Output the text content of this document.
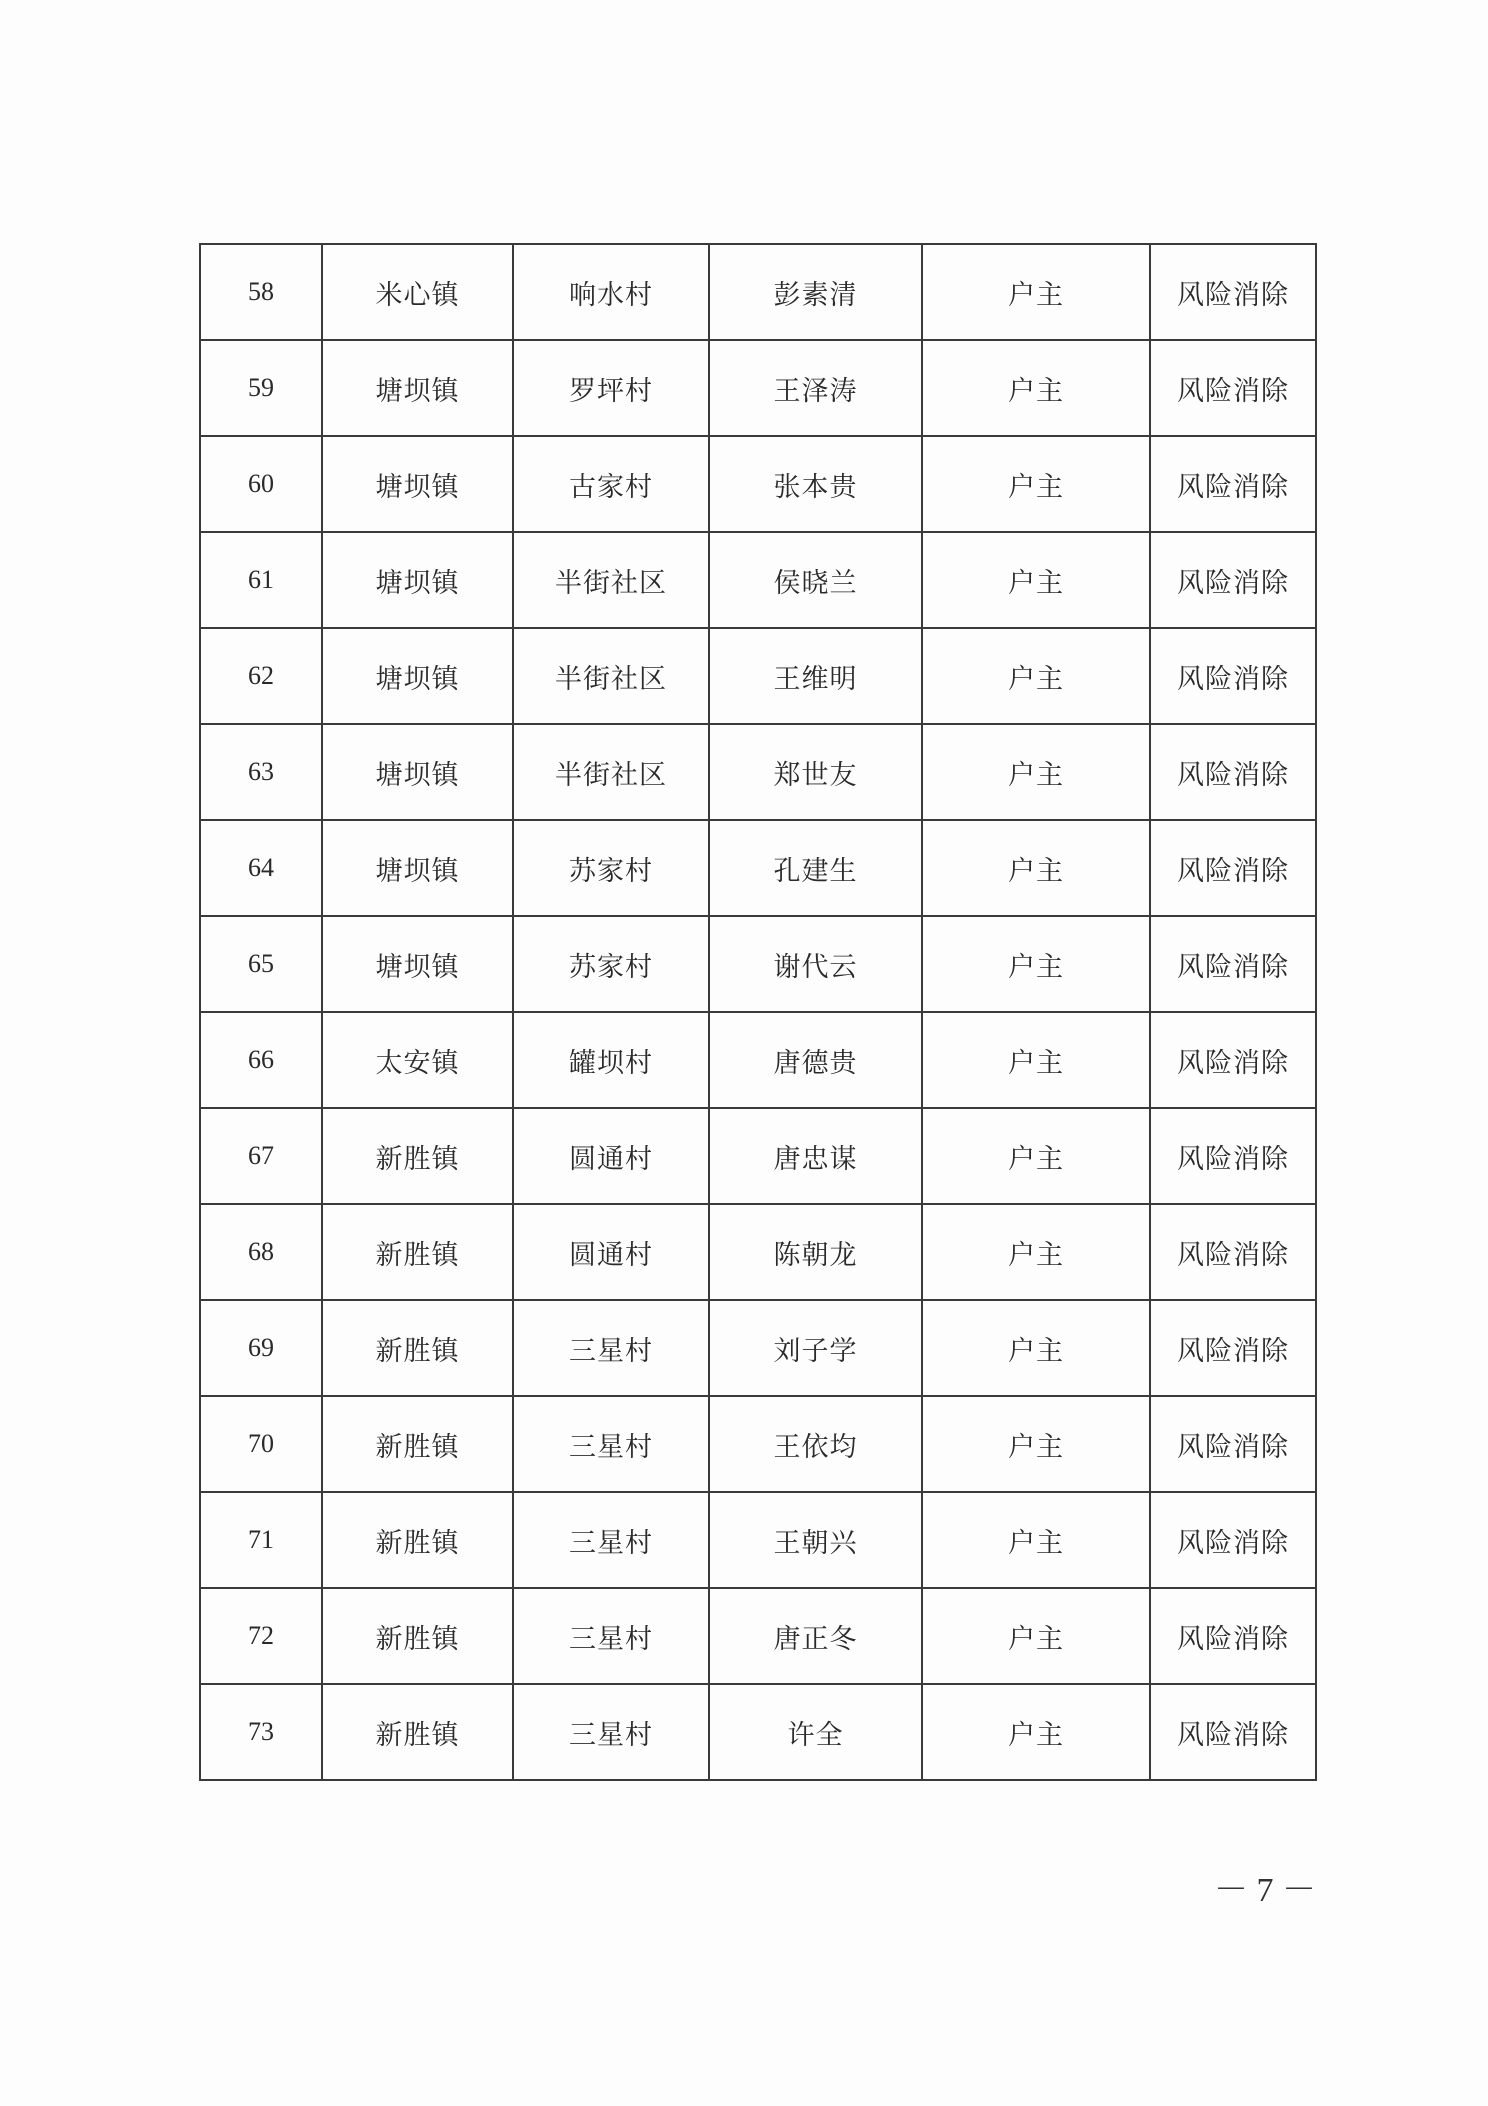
58	米心镇	响水村	彭素清	户主	风险消除
59	塘坝镇	罗坪村	王泽涛	户主	风险消除
60	塘坝镇	古家村	张本贵	户主	风险消除
61	塘坝镇	半街社区	侯晓兰	户主	风险消除
62	塘坝镇	半街社区	王维明	户主	风险消除
63	塘坝镇	半街社区	郑世友	户主	风险消除
64	塘坝镇	苏家村	孔建生	户主	风险消除
65	塘坝镇	苏家村	谢代云	户主	风险消除
66	太安镇	罐坝村	唐德贵	户主	风险消除
67	新胜镇	圆通村	唐忠谋	户主	风险消除
68	新胜镇	圆通村	陈朝龙	户主	风险消除
69	新胜镇	三星村	刘子学	户主	风险消除
70	新胜镇	三星村	王依均	户主	风险消除
71	新胜镇	三星村	王朝兴	户主	风险消除
72	新胜镇	三星村	唐正冬	户主	风险消除
73	新胜镇	三星村	许全	户主	风险消除
－ 7 －
